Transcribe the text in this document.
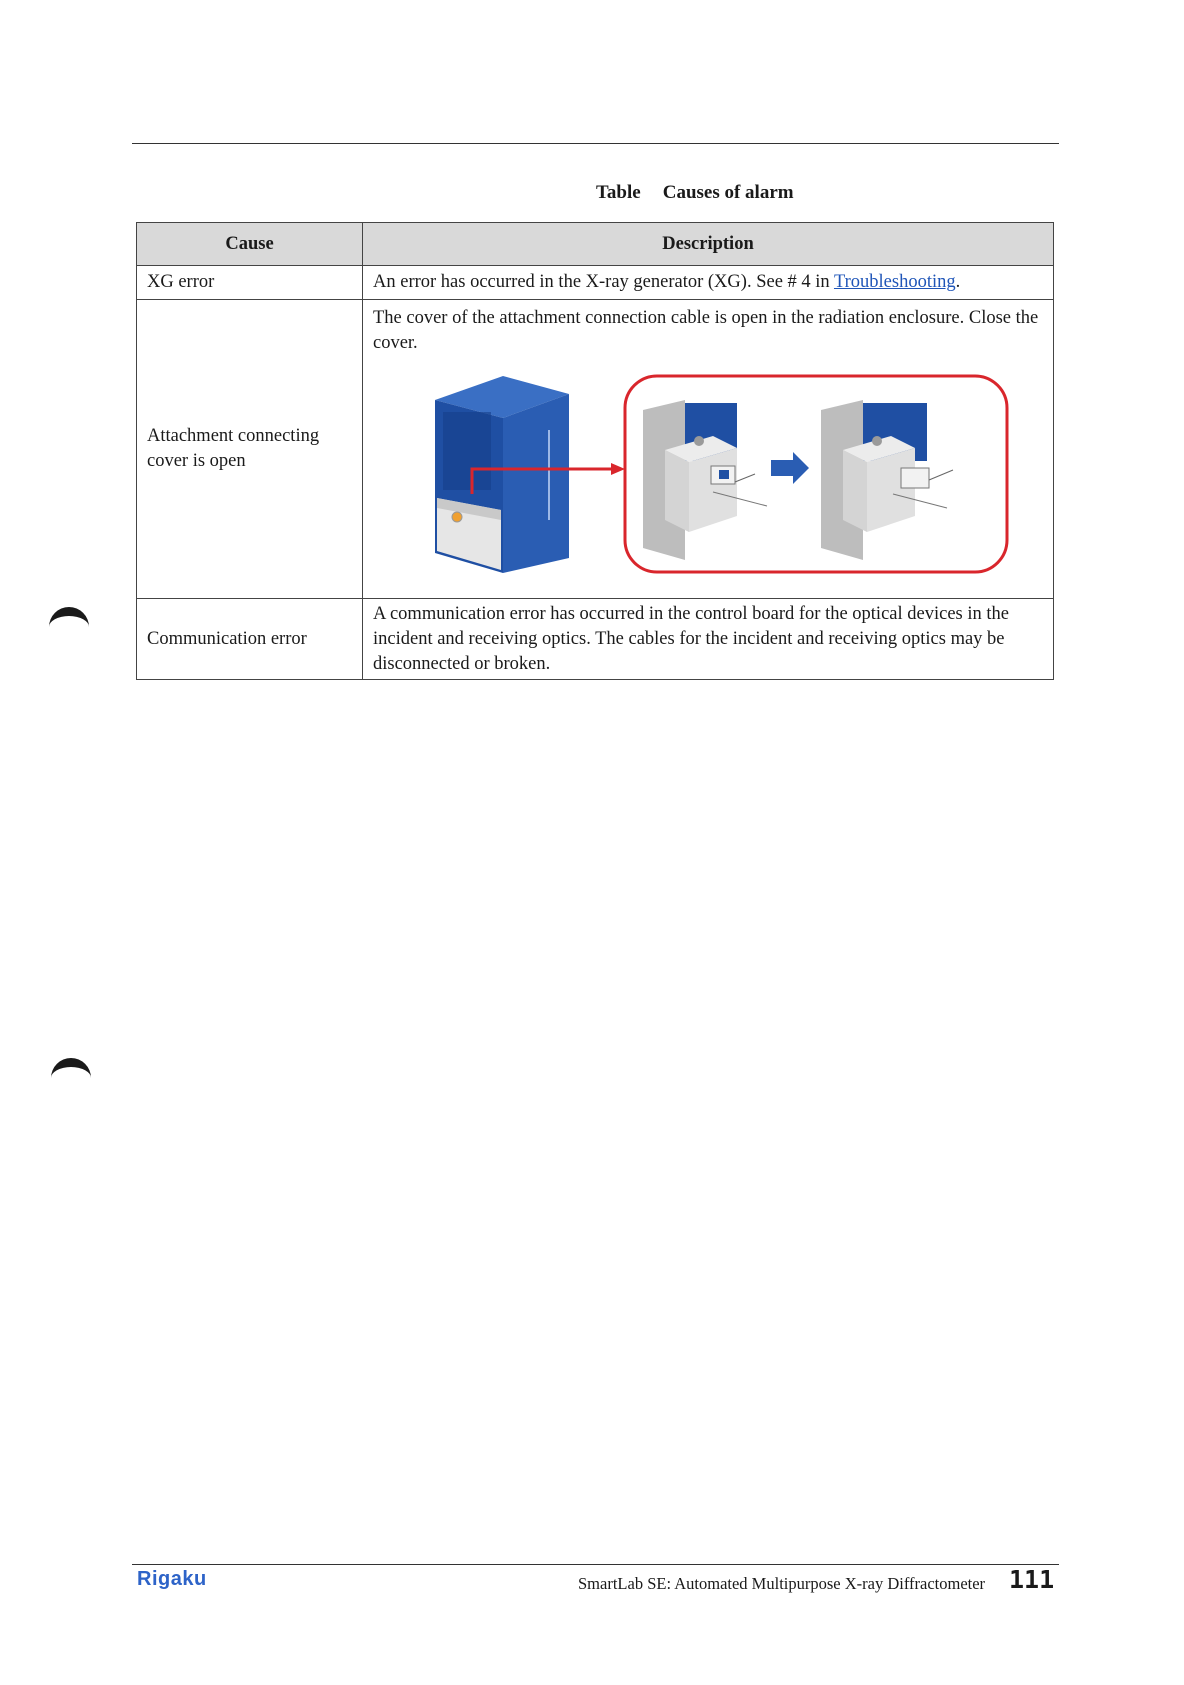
Table Causes of alarm
Cause	Description
XG error	An error has occurred in the X-ray generator (XG). See # 4 in Troubleshooting.
Attachment connecting cover is open	The cover of the attachment connection cable is open in the radiation enclosure. Close the cover.

Communication error	A communication error has occurred in the control board for the optical devices in the incident and receiving optics. The cables for the incident and receiving optics may be disconnected or broken.
Rigaku	SmartLab SE: Automated Multipurpose X-ray Diffractometer 111
